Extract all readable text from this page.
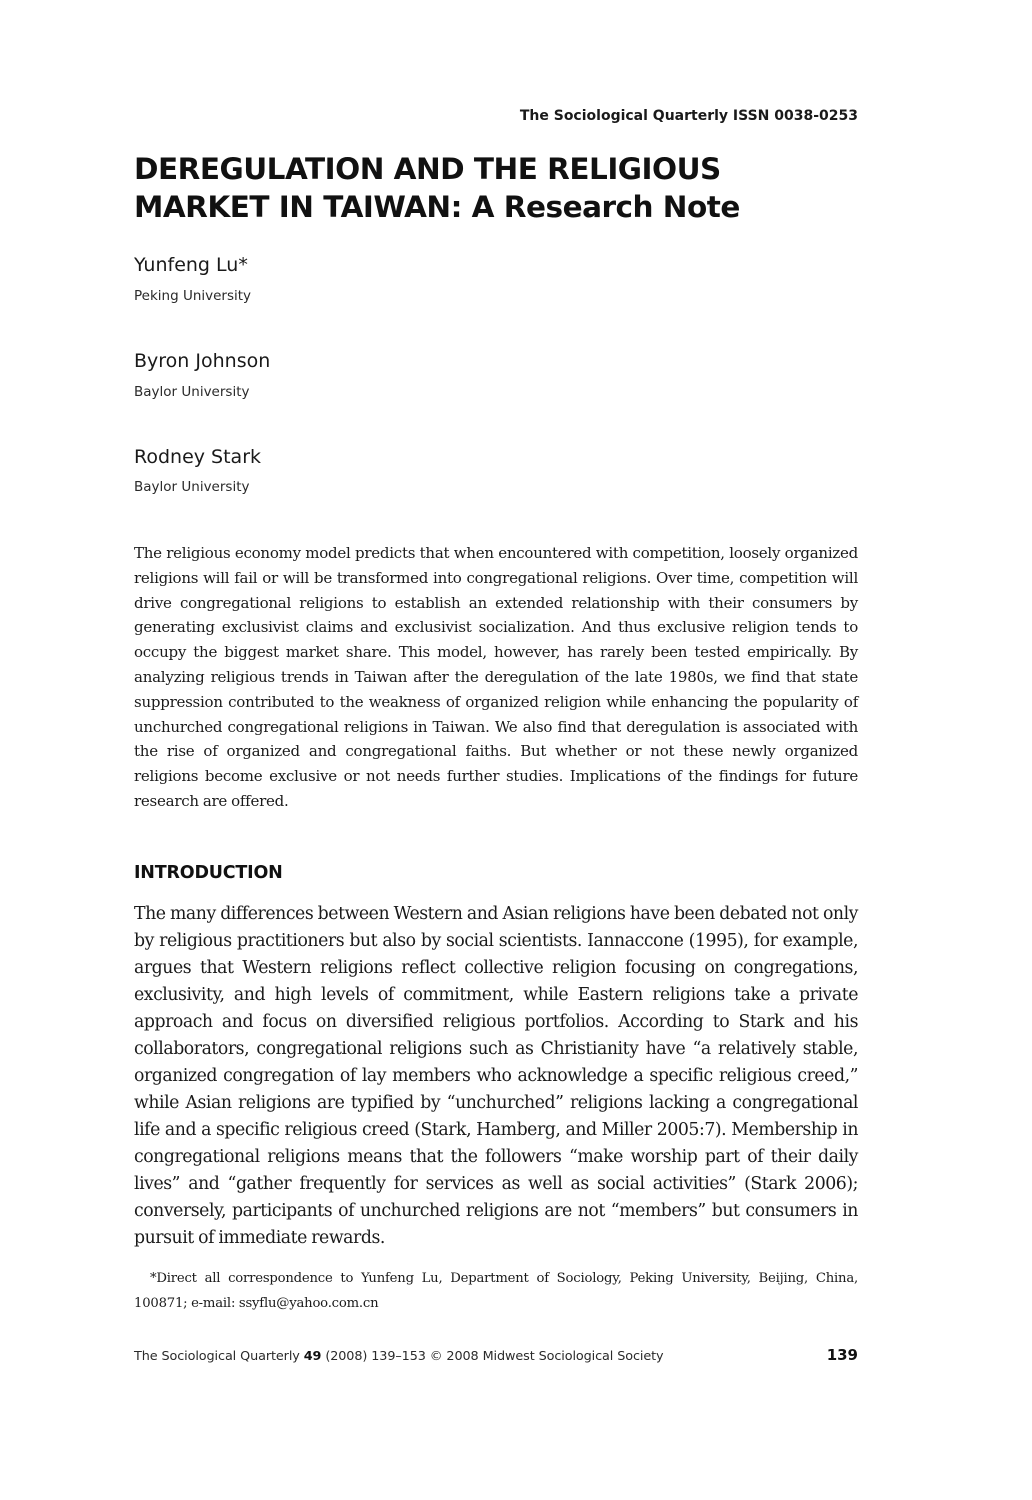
The Sociological Quarterly ISSN 0038-0253
DEREGULATION AND THE RELIGIOUS
MARKET IN TAIWAN: A Research Note
Yunfeng Lu*
Peking University
Byron Johnson
Baylor University
Rodney Stark
Baylor University

The religious economy model predicts that when encountered with competition, loosely organized religions will fail or will be transformed into congregational religions. Over time, competition will drive congregational religions to establish an extended relationship with their consumers by generating exclusivist claims and exclusivist socialization. And thus exclusive religion tends to occupy the biggest market share. This model, however, has rarely been tested empirically. By analyzing religious trends in Taiwan after the deregulation of the late 1980s, we find that state suppression contributed to the weakness of organized religion while enhancing the popularity of unchurched congregational religions in Taiwan. We also find that deregulation is associated with the rise of organized and congregational faiths. But whether or not these newly organized religions become exclusive or not needs further studies. Implications of the findings for future research are offered.

INTRODUCTION

The many differences between Western and Asian religions have been debated not only by religious practitioners but also by social scientists. Iannaccone (1995), for example, argues that Western religions reflect collective religion focusing on congregations, exclusivity, and high levels of commitment, while Eastern religions take a private approach and focus on diversified religious portfolios. According to Stark and his collaborators, congregational religions such as Christianity have “a relatively stable, organized congregation of lay members who acknowledge a specific religious creed,” while Asian religions are typified by “unchurched” religions lacking a congregational life and a specific religious creed (Stark, Hamberg, and Miller 2005:7). Membership in congregational religions means that the followers “make worship part of their daily lives” and “gather frequently for services as well as social activities” (Stark 2006); conversely, participants of unchurched religions are not “members” but consumers in pursuit of immediate rewards.

*Direct all correspondence to Yunfeng Lu, Department of Sociology, Peking University, Beijing, China, 100871; e-mail: ssyflu@yahoo.com.cn

The Sociological Quarterly 49 (2008) 139–153 © 2008 Midwest Sociological Society	139
